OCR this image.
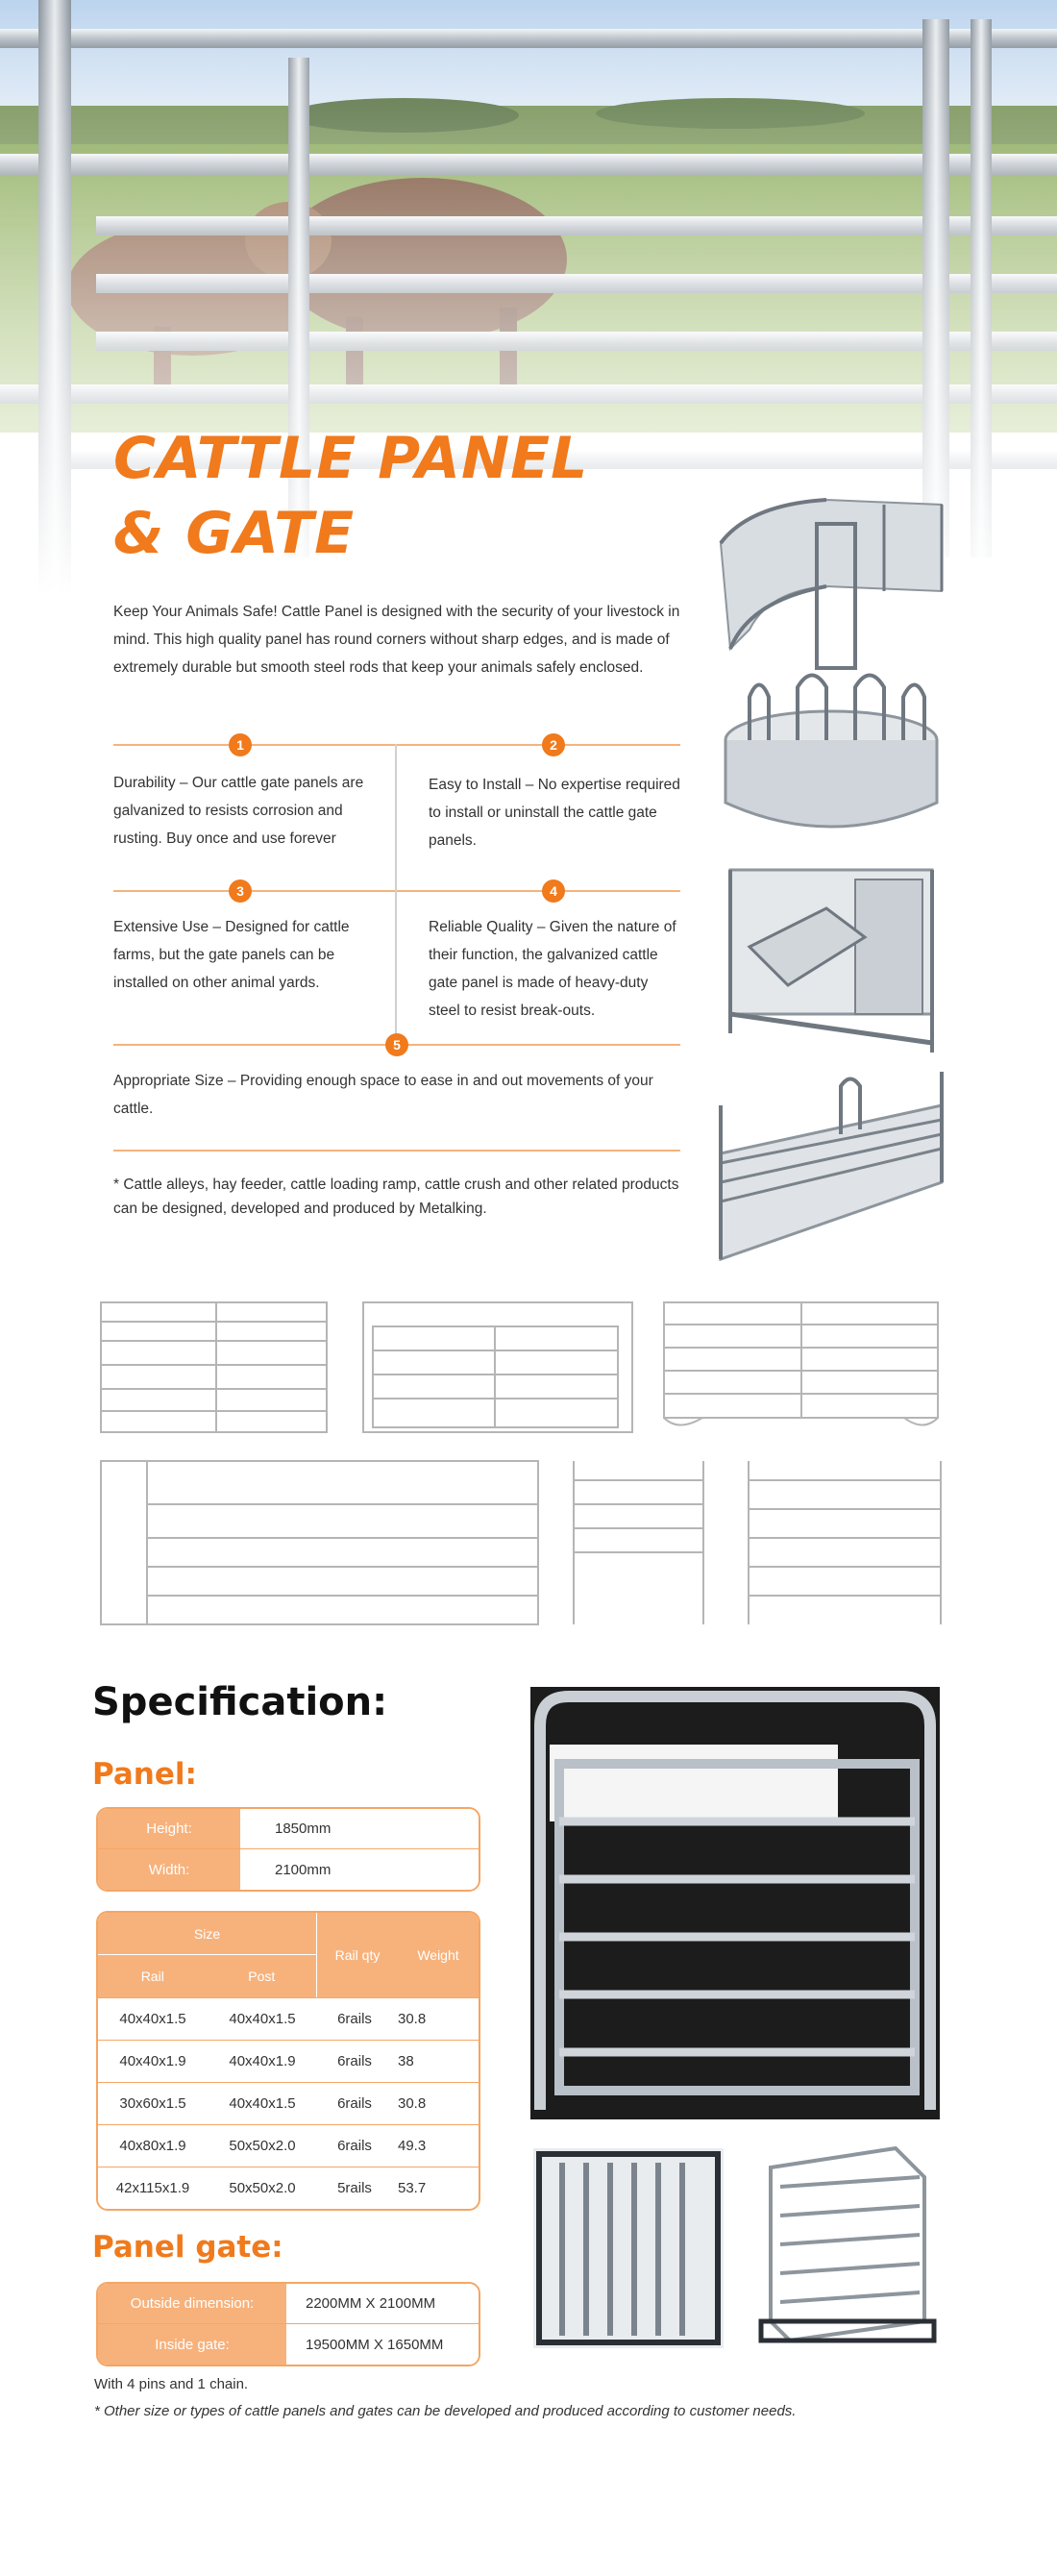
CATTLE PANEL
& GATE
Keep Your Animals Safe! Cattle Panel is designed with the security of your livestock in mind. This high quality panel has round corners without sharp edges, and is made of extremely durable but smooth steel rods that keep your animals safely enclosed.
1	2
3	4
5
Durability – Our cattle gate panels are galvanized to resists corrosion and rusting. Buy once and use forever
Easy to Install – No expertise required to install or uninstall the cattle gate panels.
Extensive Use – Designed for cattle farms, but the gate panels can be installed on other animal yards.
Reliable Quality – Given the nature of their function, the galvanized cattle gate panel is made of heavy-duty steel to resist break-outs.
Appropriate Size – Providing enough space to ease in and out movements of your cattle.
* Cattle alleys, hay feeder, cattle loading ramp, cattle crush and other related products can be designed, developed and produced by Metalking.
Specification:
Panel:
Height:	1850mm
Width:	2100mm
Size
Rail	Post
Rail qty	Weight
40x40x1.5	40x40x1.5	6rails	30.8
40x40x1.9	40x40x1.9	6rails	38
30x60x1.5	40x40x1.5	6rails	30.8
40x80x1.9	50x50x2.0	6rails	49.3
42x115x1.9	50x50x2.0	5rails	53.7
Panel gate:
Outside dimension:	2200MM X 2100MM
Inside gate:	19500MM X 1650MM
With 4 pins and 1 chain.
* Other size or types of cattle panels and gates can be developed and produced according to customer needs.
